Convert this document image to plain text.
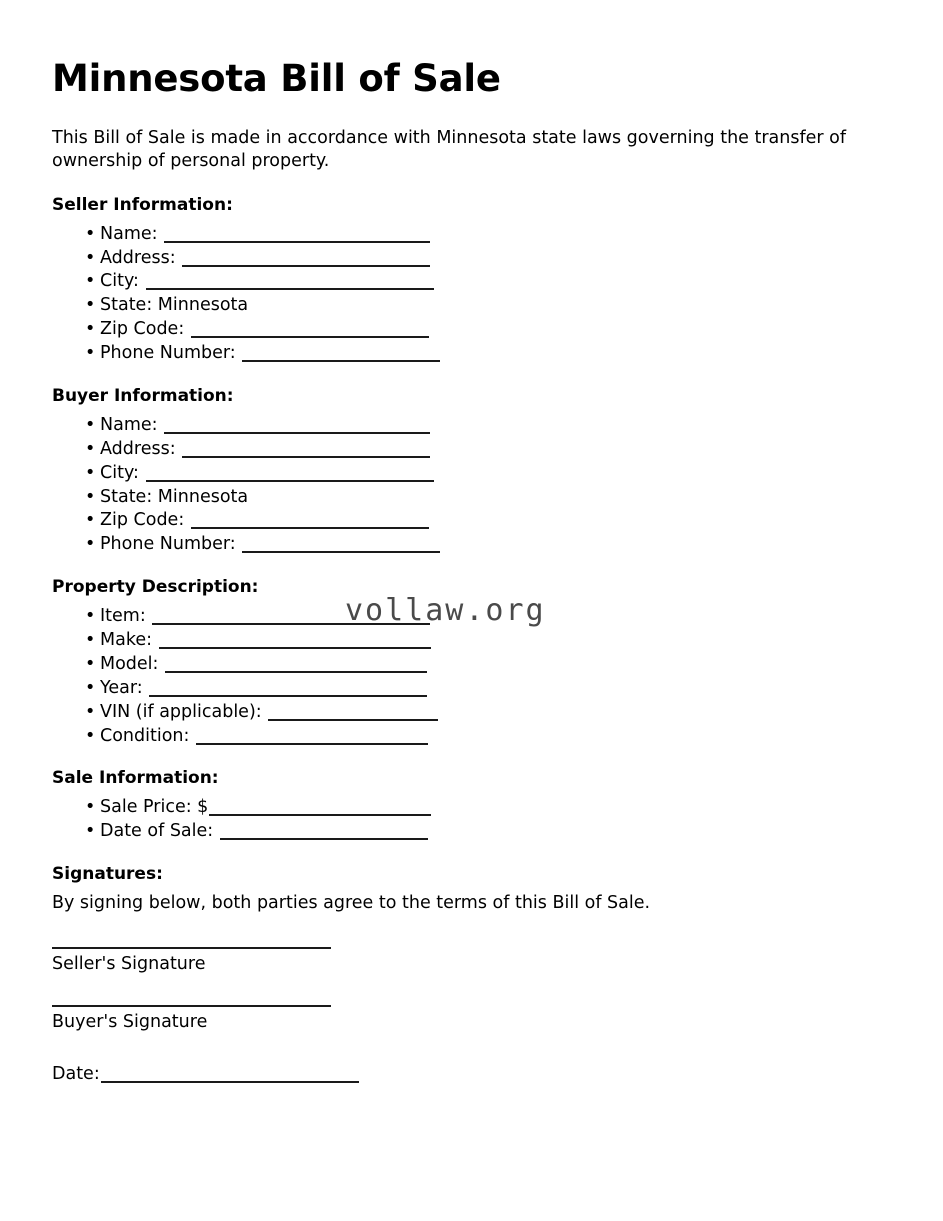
vollaw.org
Minnesota Bill of Sale

This Bill of Sale is made in accordance with Minnesota state laws governing the transfer of ownership of personal property.

Seller Information:
• Name:
• Address:
• City:
• State: Minnesota
• Zip Code:
• Phone Number:
Buyer Information:
• Name:
• Address:
• City:
• State: Minnesota
• Zip Code:
• Phone Number:
Property Description:
• Item:
• Make:
• Model:
• Year:
• VIN (if applicable):
• Condition:
Sale Information:
• Sale Price: $
• Date of Sale:
Signatures:

By signing below, both parties agree to the terms of this Bill of Sale.

Seller's Signature
Buyer's Signature
Date:
